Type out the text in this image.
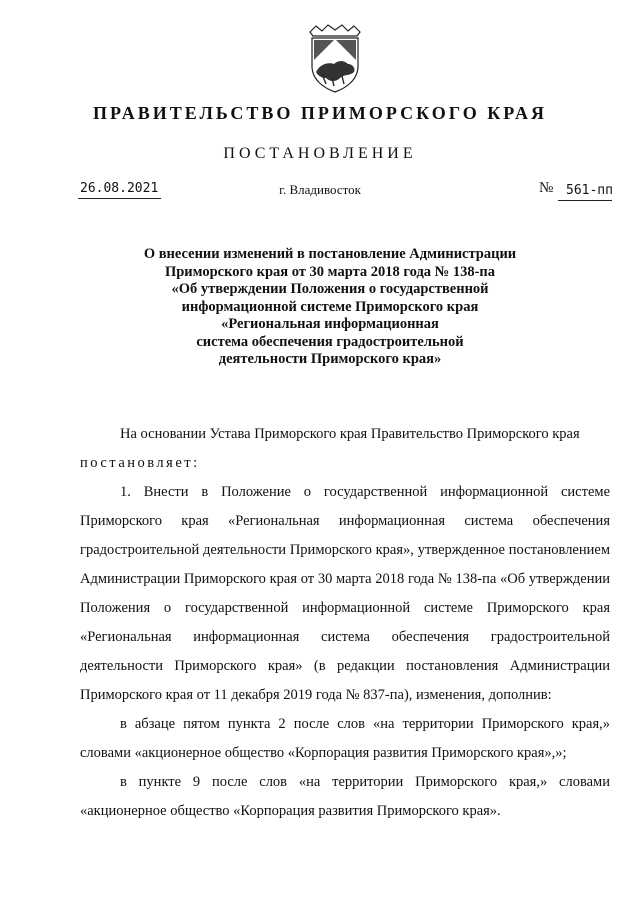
ПРАВИТЕЛЬСТВО ПРИМОРСКОГО КРАЯ
ПОСТАНОВЛЕНИЕ
26.08.2021	г. Владивосток	№ 561-пп
О внесении изменений в постановление Администрации
Приморского края от 30 марта 2018 года № 138-па
«Об утверждении Положения о государственной
информационной системе Приморского края
«Региональная информационная
система обеспечения градостроительной
деятельности Приморского края»

На основании Устава Приморского края Правительство Приморского края

постановляет:

1. Внести в Положение о государственной информационной системе Приморского края «Региональная информационная система обеспечения градостроительной деятельности Приморского края», утвержденное постановлением Администрации Приморского края от 30 марта 2018 года № 138-па «Об утверждении Положения о государственной информационной системе Приморского края «Региональная информационная система обеспечения градостроительной деятельности Приморского края» (в редакции постановления Администрации Приморского края от 11 декабря 2019 года № 837-па), изменения, дополнив:

в абзаце пятом пункта 2 после слов «на территории Приморского края,» словами «акционерное общество «Корпорация развития Приморского края»,»;

в пункте 9 после слов «на территории Приморского края,» словами «акционерное общество «Корпорация развития Приморского края».
